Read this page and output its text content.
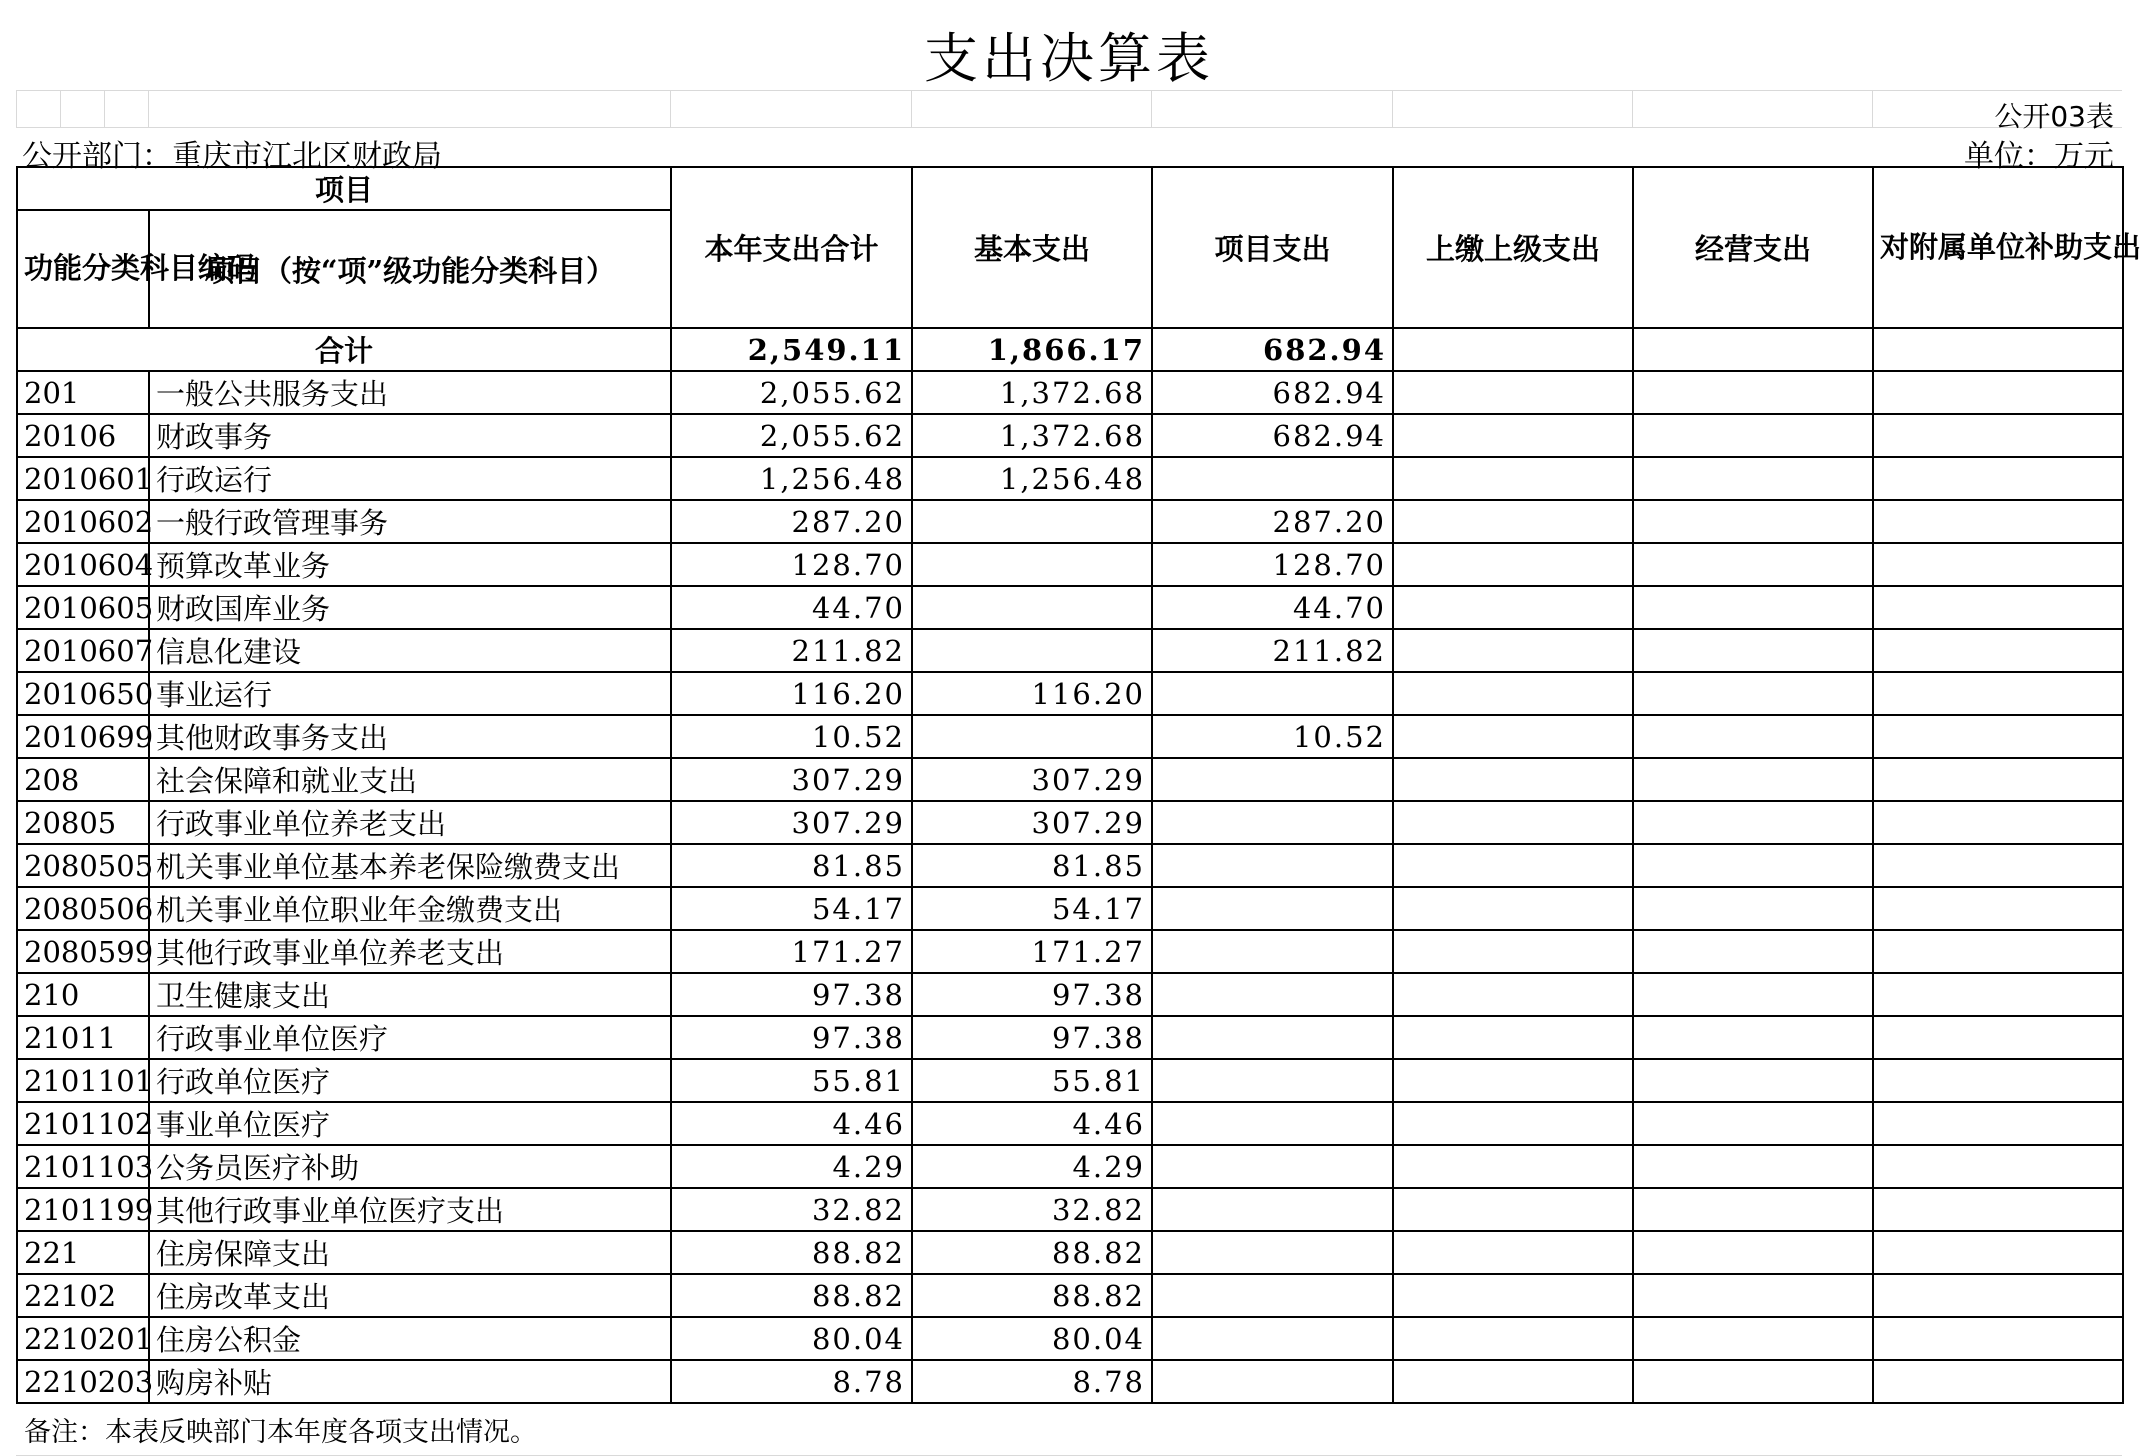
支出决算表
公开03表
公开部门：重庆市江北区财政局	单位：万元
项目		本年支出合计	基本支出	项目支出	上缴上级支出	经营支出	对附属单位补助支出
功能分类科目编码	项目（按“项”级功能分类科目）						
合计		2,549.11	1,866.17	682.94			
201	一般公共服务支出	2,055.62	1,372.68	682.94			
20106	财政事务	2,055.62	1,372.68	682.94			
2010601	行政运行	1,256.48	1,256.48				
2010602	一般行政管理事务	287.20		287.20			
2010604	预算改革业务	128.70		128.70			
2010605	财政国库业务	44.70		44.70			
2010607	信息化建设	211.82		211.82			
2010650	事业运行	116.20	116.20				
2010699	其他财政事务支出	10.52		10.52			
208	社会保障和就业支出	307.29	307.29				
20805	行政事业单位养老支出	307.29	307.29				
2080505	机关事业单位基本养老保险缴费支出	81.85	81.85				
2080506	机关事业单位职业年金缴费支出	54.17	54.17				
2080599	其他行政事业单位养老支出	171.27	171.27				
210	卫生健康支出	97.38	97.38				
21011	行政事业单位医疗	97.38	97.38				
2101101	行政单位医疗	55.81	55.81				
2101102	事业单位医疗	4.46	4.46				
2101103	公务员医疗补助	4.29	4.29				
2101199	其他行政事业单位医疗支出	32.82	32.82				
221	住房保障支出	88.82	88.82				
22102	住房改革支出	88.82	88.82				
2210201	住房公积金	80.04	80.04				
2210203	购房补贴	8.78	8.78				
备注：本表反映部门本年度各项支出情况。
